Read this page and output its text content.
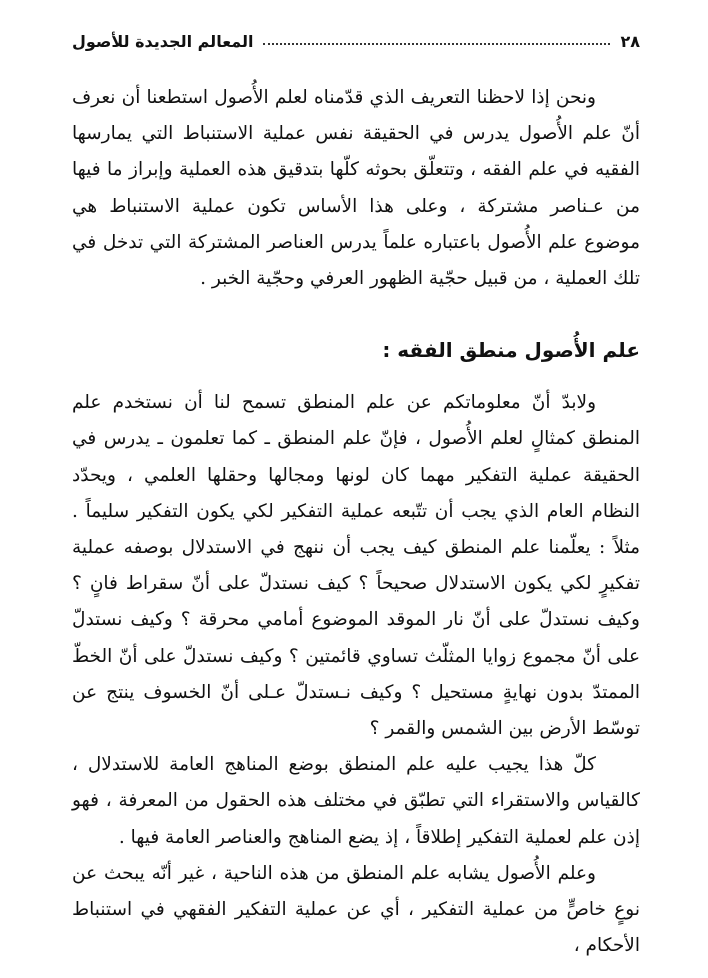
٢٨
المعالم الجديدة للأصول

ونحن إذا لاحظنا التعريف الذي قدّمناه لعلم الأُصول استطعنا أن نعرف أنّ علم الأُصول يدرس في الحقيقة نفس عملية الاستنباط التي يمارسها الفقيه في علم الفقه ، وتتعلّق بحوثه كلّها بتدقيق هذه العملية وإبراز ما فيها من عـناصر مشتركة ، وعلى هذا الأساس تكون عملية الاستنباط هي موضوع علم الأُصول باعتباره علماً يدرس العناصر المشتركة التي تدخل في تلك العملية ، من قبيل حجّية الظهور العرفي وحجّية الخبر .

علم الأُصول منطق الفقه :

ولابدّ أنّ معلوماتكم عن علم المنطق تسمح لنا أن نستخدم علم المنطق كمثالٍ لعلم الأُصول ، فإنّ علم المنطق ـ كما تعلمون ـ يدرس في الحقيقة عملية التفكير مهما كان لونها ومجالها وحقلها العلمي ، ويحدّد النظام العام الذي يجب أن تتّبعه عملية التفكير لكي يكون التفكير سليماً . مثلاً : يعلّمنا علم المنطق كيف يجب أن ننهج في الاستدلال بوصفه عملية تفكيرٍ لكي يكون الاستدلال صحيحاً ؟ كيف نستدلّ على أنّ سقراط فانٍ ؟ وكيف نستدلّ على أنّ نار الموقد الموضوع أمامي محرقة ؟ وكيف نستدلّ على أنّ مجموع زوايا المثلّث تساوي قائمتين ؟ وكيف نستدلّ على أنّ الخطّ الممتدّ بدون نهايةٍ مستحيل ؟ وكيف نـستدلّ عـلى أنّ الخسوف ينتج عن توسّط الأرض بين الشمس والقمر ؟

كلّ هذا يجيب عليه علم المنطق بوضع المناهج العامة للاستدلال ، كالقياس والاستقراء التي تطبّق في مختلف هذه الحقول من المعرفة ، فهو إذن علم لعملية التفكير إطلاقاً ، إذ يضع المناهج والعناصر العامة فيها .

وعلم الأُصول يشابه علم المنطق من هذه الناحية ، غير أنّه يبحث عن نوعٍ خاصٍّ من عملية التفكير ، أي عن عملية التفكير الفقهي في استنباط الأحكام ،
